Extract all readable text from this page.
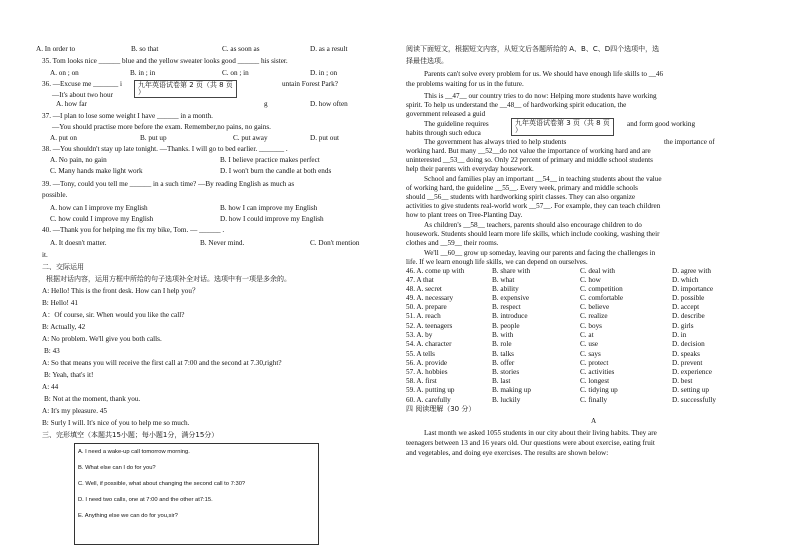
A. In order to	B. so that	C. as soon as	D. as a result
35. Tom looks nice ______ blue and the yellow sweater looks good ______ his sister.
A. on ; on	B. in ; in	C. on ; in	D. in ; on
36. —Excuse me _______ i	untain Forest Park?
—It's about two hour
A. how far	g	D. how often
九年英语试卷第 2 页（共 8 页
）
37. —I plan to lose some weight I have ______ in a month.
—You should practise more before the exam. Remember,no pains, no gains.
A. put on	B. put up	C. put away	D. put out
38. —You shouldn't stay up late tonight. —Thanks. I will go to bed earlier. _______ .
A. No pain, no gain	B. I believe practice makes perfect
C. Many hands make light work	D. I won't burn the candle at both ends
39. —Tony, could you tell me ______ in a such time? —By reading English as much as
possible.
A. how can I improve my English	B. how I can improve my English
C. how could I improve my English	D. how I could improve my English
40. —Thank you for helping me fix my bike, Tom. — ______ .
A. It doesn't matter.	B. Never mind.	C. Don't mention
it.
二、交际运用
根据对话内容，运用方框中所给的句子选项补全对话。选项中有一项是多余的。
A: Hello! This is the front desk. How can I help you？
B: Hello! 41
A：Of course, sir. When would you like the call?
B: Actually, 42
A: No problem. We'll give you both calls.
B: 43
A: So that means you will receive the first call at 7:00 and the second at 7.30,right?
B: Yeah, that's it!
A: 44
B: Not at the moment, thank you.
A: It's my pleasure. 45
B: Surly I will. It's nice of you to help me so much.
三、完形填空（本题共15小题；每小题1分，满分15分）
A. I need a wake-up call tomorrow morning.
B. What else can I do for you?
C. Well, if possible, what about changing the second call to 7:30?
D. I need two calls, one at 7:00 and the other at7:15.
E. Anything else we can do for you,sir?
阅读下面短文，根据短文内容，从短文后各题所给的 A、B、C、D四个选项中，选
择最佳选项。
Parents can't solve every problem for us. We should have enough life skills to __46
the problems waiting for us in the future.
This is __47__ our country tries to do now: Helping more students have working
spirit. To help us understand the __48__ of hardworking spirit education, the
government released a guid
The guideline requires
habits through such educa
and form good working
九年英语试卷第 3 页（共 8 页
）
The government has always tried to help students	the importance of
working hard. But many __52__do not value the importance of working hard and are
uninterested __53__ doing so. Only 22 percent of primary and middle school students
help their parents with everyday housework.
School and families play an important __54__ in teaching students about the value
of working hard, the guideline __55__. Every week, primary and middle schools
should __56__ students with hardworking spirit classes. They can also organize
activities to give students real-world work __57__. For example, they can teach children
how to plant trees on Tree-Planting Day.
As children's __58__ teachers, parents should also encourage children to do
housework. Students should learn more life skills, which include cooking, washing their
clothes and __59__ their rooms.
We'll __60__ grow up someday, leaving our parents and facing the challenges in
life. If we learn enough life skills, we can depend on ourselves.
46. A. come up with	B. share with	C. deal with	D. agree with
47. A that	B. what	C. how	D. which
48. A. secret	B. ability	C. competition	D. importance
49. A. necessary	B. expensive	C. comfortable	D. possible
50. A. prepare	B. respect	C. believe	D. accept
51. A. reach	B. introduce	C. realize	D. describe
52. A. teenagers	B. people	C. boys	D. girls
53. A. by	B. with	C. at	D. in
54. A. character	B. role	C. use	D. decision
55. A tells	B. talks	C. says	D. speaks
56. A. provide	B. offer	C. protect	D. prevent
57. A. hobbies	B. stories	C. activities	D. experience
58. A. first	B. last	C. longest	D. best
59. A. putting up	B. making up	C. tidying up	D. setting up
60. A. carefully	B. luckily	C. finally	D. successfully
四 阅读理解（30 分）
A
Last month we asked 1055 students in our city about their living habits. They are
teenagers between 13 and 16 years old. Our questions were about exercise, eating fruit
and vegetables, and doing eye exercises. The results are shown below:
